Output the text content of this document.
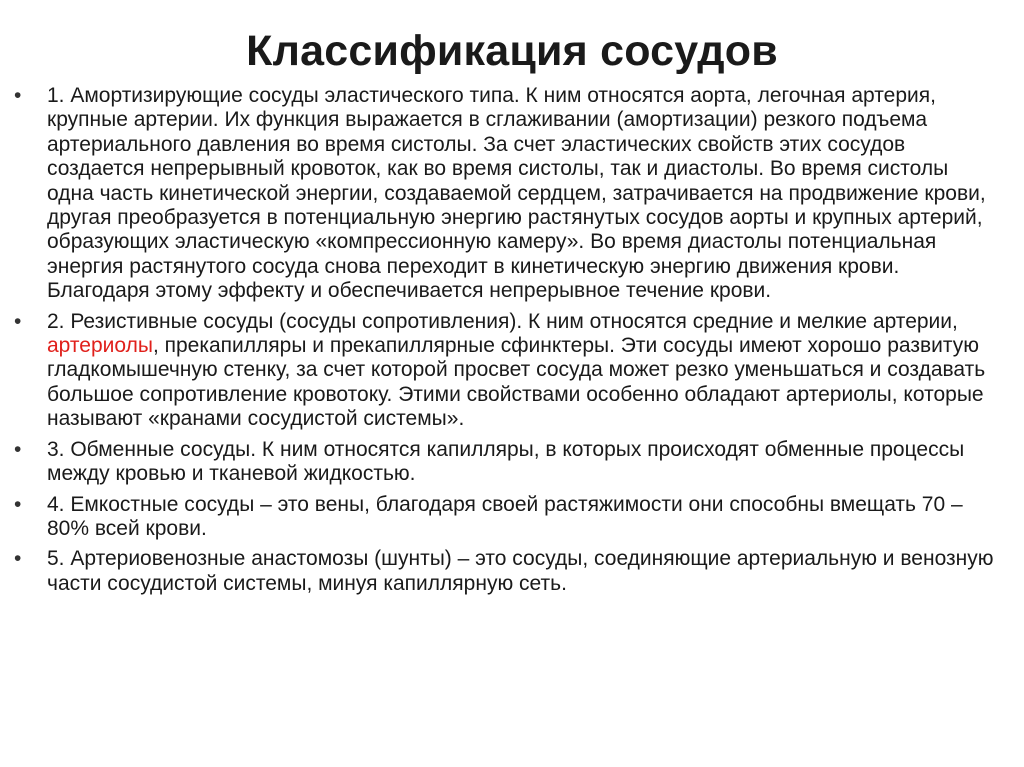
Классификация сосудов
•	1. Амортизирующие сосуды эластического типа. К ним относятся аорта, легочная артерия, крупные артерии. Их функция выражается в сглаживании (амортизации) резкого подъема артериального давления во время систолы. За счет эластических свойств этих сосудов создается непрерывный кровоток, как во время систолы, так и диастолы. Во время систолы одна часть кинетической энергии, создаваемой сердцем, затрачивается на продвижение крови, другая преобразуется в потенциальную энергию растянутых сосудов аорты и крупных артерий, образующих эластическую «компрессионную камеру». Во время диастолы потенциальная энергия растянутого сосуда снова переходит в кинетическую энергию движения крови. Благодаря этому эффекту и обеспечивается непрерывное течение крови.
•	2. Резистивные сосуды (сосуды сопротивления). К ним относятся средние и мелкие артерии, артериолы, прекапилляры и прекапиллярные сфинктеры. Эти сосуды имеют хорошо развитую гладкомышечную стенку, за счет которой просвет сосуда может резко уменьшаться и создавать большое сопротивление кровотоку. Этими свойствами особенно обладают артериолы, которые называют «кранами сосудистой системы».
•	3. Обменные сосуды. К ним относятся капилляры, в которых происходят обменные процессы между кровью и тканевой жидкостью.
•	4. Емкостные сосуды – это вены, благодаря своей растяжимости они способны вмещать 70 – 80% всей крови.
•	5. Артериовенозные анастомозы (шунты) – это сосуды, соединяющие артериальную и венозную части сосудистой системы, минуя капиллярную сеть.
